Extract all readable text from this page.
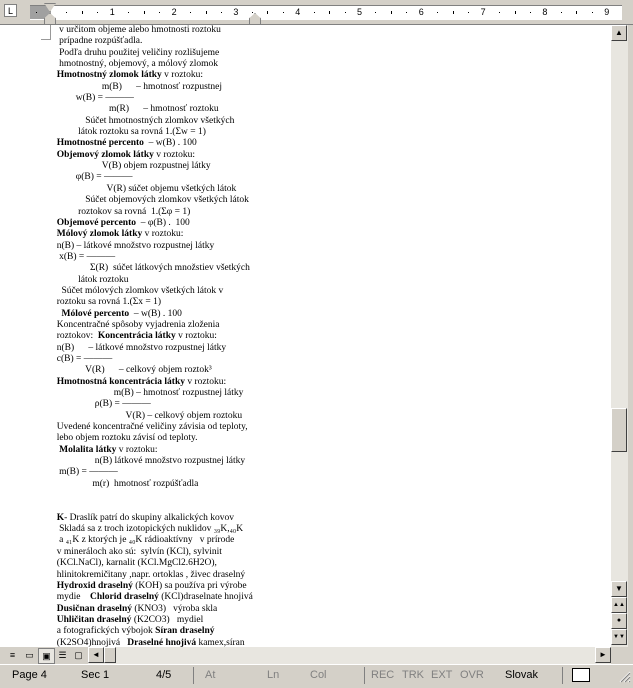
L	1	2	3	4	5	6	7	8	9
v určitom objeme alebo hmotnosti roztoku
prípadne rozpúšťadla.
Podľa druhu použitej veličiny rozlišujeme
hmotnostný, objemový, a mólový zlomok
Hmotnostný zlomok látky v roztoku:
m(B)      – hmotnosť rozpustnej
w(B) = ———
m(R)      – hmotnosť roztoku
Súčet hmotnostných zlomkov všetkých
látok roztoku sa rovná 1.(Σw = 1)
Hmotnostné percento  – w(B) . 100
Objemový zlomok látky v roztoku:
V(B) objem rozpustnej látky
φ(B) = ———
V(R) súčet objemu všetkých látok
Súčet objemových zlomkov všetkých látok
roztokov sa rovná  1.(Σφ = 1)
Objemové percento  – φ(B) .  100
Mólový zlomok látky v roztoku:
n(B) – látkové množstvo rozpustnej látky
x(B) = ———
Σ(R)  súčet látkových množstiev všetkých
látok roztoku
Súčet mólových zlomkov všetkých látok v
roztoku sa rovná 1.(Σx = 1)
Mólové percento  – w(B) . 100
Koncentračné spôsoby vyjadrenia zloženia
roztokov:  Koncentrácia látky v roztoku:
n(B)      – látkové množstvo rozpustnej látky
c(B) = ———
V(R)      – celkový objem roztok³
Hmotnostná koncentrácia látky v roztoku:
m(B) – hmotnosť rozpustnej látky
ρ(B) = ———
V(R) – celkový objem roztoku
Uvedené koncentračné veličiny závisia od teploty,
lebo objem roztoku závisí od teploty.
Molalita látky v roztoku:
n(B) látkové množstvo rozpustnej látky
m(B) = ———
m(r)  hmotnosť rozpúšťadla

K- Draslík patrí do skupiny alkalických kovov
Skladá sa z troch izotopických nuklidov ₃₉K,₄₀K
a ₄₁K z ktorých je ₄₀K rádioaktívny   v prírode
v mineráloch ako sú:  sylvín (KCl), sylvinit
(KCl.NaCl), karnalit (KCl.MgCl2.6H2O),
hlinitokremičitany ,napr. ortoklas , živec draselný
Hydroxid draselný (KOH) sa používa pri výrobe
mydie    Chlorid draselný (KCl)draselnate hnojivá
Dusičnan draselný (KNO3)   výroba skla
Uhličitan draselný (K2CO3)   mydiel
a fotografických výbojok Síran draselný
(K2SO4)hnojivá   Draselné hnojivá kamex,síran
▲
▼
▲▲
●
▼▼
≡	▭ ▣ ☰ ▢	◄	►
Page 4	Sec 1	4/5	At	Ln	Col	REC TRK EXT OVR Slovak
